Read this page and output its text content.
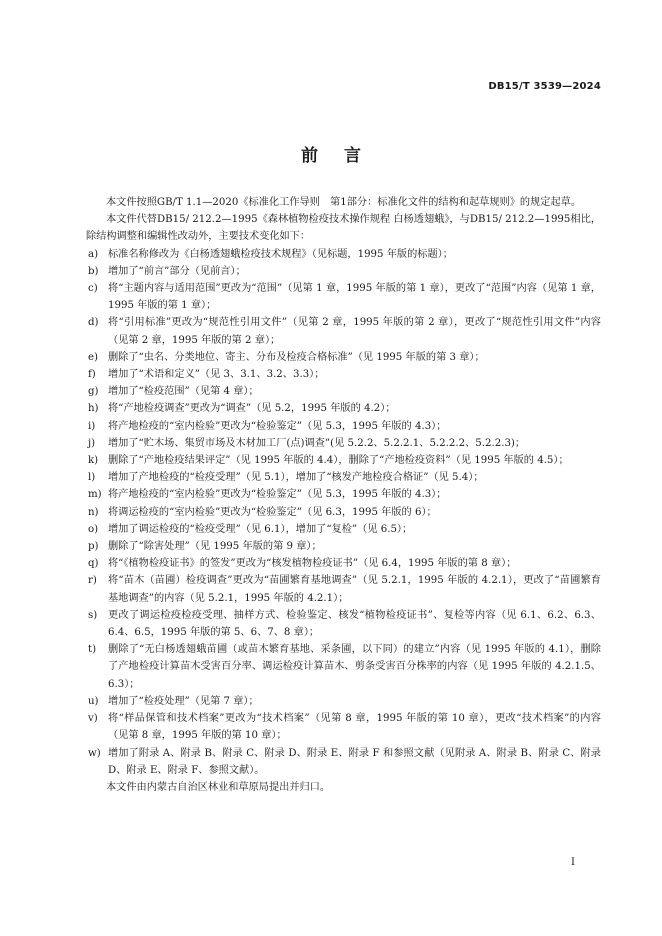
DB15/T 3539—2024
前言

本文件按照GB/T 1.1—2020《标准化工作导则　第1部分：标准化文件的结构和起草规则》的规定起草。

本文件代替DB15/ 212.2—1995《森林植物检疫技术操作规程 白杨透翅蛾》，与DB15/ 212.2—1995相比，除结构调整和编辑性改动外，主要技术变化如下：

a) 标准名称修改为《白杨透翅蛾检疫技术规程》（见标题，1995 年版的标题）；
b) 增加了“前言”部分（见前言）；
c)	将“主题内容与适用范围”更改为“范围”（见第 1 章，1995 年版的第 1 章），更改了“范围”内容（见第 1 章，1995 年版的第 1 章）；
d) 将“引用标准”更改为“规范性引用文件”（见第 2 章，1995 年版的第 2 章），更改了“规范性引用文件”内容（见第 2 章，1995 年版的第 2 章）；
e) 删除了“虫名、分类地位、寄主、分布及检疫合格标准”（见 1995 年版的第 3 章）；
f)	增加了“术语和定义”（见 3、3.1、3.2、3.3）；
g) 增加了“检疫范围”（见第 4 章）；
h) 将“产地检疫调查”更改为“调查”（见 5.2，1995 年版的 4.2）；
i)	将产地检疫的“室内检验”更改为“检验鉴定”（见 5.3，1995 年版的 4.3）；
j)	增加了“贮木场、集贸市场及木材加工厂(点)调查”(见 5.2.2、5.2.2.1、5.2.2.2、5.2.2.3)；
k) 删除了“产地检疫结果评定”（见 1995 年版的 4.4），删除了“产地检疫资料”（见 1995 年版的 4.5）；
l)	增加了产地检疫的“检疫受理”（见 5.1），增加了“核发产地检疫合格证”（见 5.4）；
m) 将产地检疫的“室内检验”更改为“检验鉴定”（见 5.3，1995 年版的 4.3）；
n) 将调运检疫的“室内检验”更改为“检验鉴定”（见 6.3，1995 年版的 6）；
o) 增加了调运检疫的“检疫受理”（见 6.1），增加了“复检”（见 6.5）；
p) 删除了“除害处理”（见 1995 年版的第 9 章）；
q) 将“《植物检疫证书》的签发”更改为“核发植物检疫证书”（见 6.4，1995 年版的第 8 章）；
r)	将“苗木（苗圃）检疫调查”更改为“苗圃繁育基地调查”（见 5.2.1，1995 年版的 4.2.1），更改了“苗圃繁育基地调查”的内容（见 5.2.1，1995 年版的 4.2.1）；
s)	更改了调运检疫检疫受理、抽样方式、检验鉴定、核发“植物检疫证书”、复检等内容（见 6.1、6.2、6.3、6.4、6.5，1995 年版的第 5、6、7、8 章）；
t)	删除了“无白杨透翅蛾苗圃（或苗木繁育基地、采条圃，以下同）的建立”内容（见 1995 年版的 4.1），删除了产地检疫计算苗木受害百分率、调运检疫计算苗木、剪条受害百分株率的内容（见 1995 年版的 4.2.1.5、6.3）；
u) 增加了“检疫处理”（见第 7 章）；
v)	将“样品保管和技术档案”更改为“技术档案”（见第 8 章，1995 年版的第 10 章），更改“技术档案”的内容（见第 8 章，1995 年版的第 10 章）；
w) 增加了附录 A、附录 B、附录 C、附录 D、附录 E、附录 F 和参照文献（见附录 A、附录 B、附录 C、附录 D、附录 E、附录 F、参照文献）。

本文件由内蒙古自治区林业和草原局提出并归口。

I
